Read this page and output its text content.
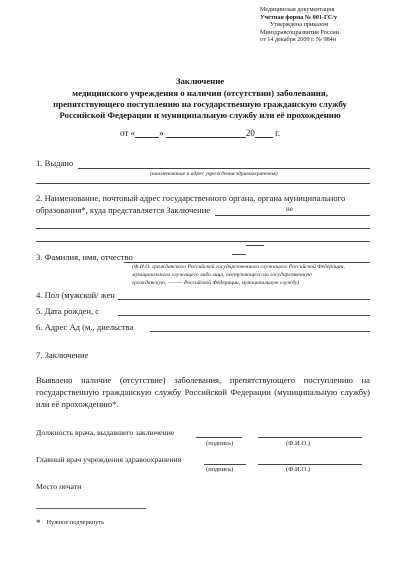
Медицинская документация
Учетная форма № 001-ГС/у
Утверждена приказом
Минздравсоцразвития России
от 14 декабря 2009 г. № 984н
Заключение
медицинского учреждения о наличии (отсутствии) заболевания,
препятствующего поступлению на государственную гражданскую службу
Российской Федерации и муниципальную службу или её прохождению
от «	»	20 г.
1. Выдано
(наименование и адрес учреждения здравоохранения)
2. Наименование, почтовый адрес государственного органа, органа муниципального
образования*, куда представляется Заключение	не
3. Фамилия, имя, отчество
(Ф.И.О. гражданского Российской государственного служащего Российской Федерации,
муниципального служащего либо лица, поступающего на государственную
гражданскую, ——— Российской Федерации, муниципальную службу)
4. Пол (мужской/ жен
5. Дата рожден, с
6. Адрес Ад (м., диельства
7. Заключение
Выявлено наличие (отсутствие) заболевания, препятствующего поступлению на государственную гражданскую службу Российской Федерации (муниципальную службу) или её прохождению*.
Должность врача, выдавшего заключение
(подпись)	(Ф.И.О.)
Главный врач учреждения здравоохранения
(подпись)	(Ф.И.О.)
Место печати
* Нужное подчеркнуть
